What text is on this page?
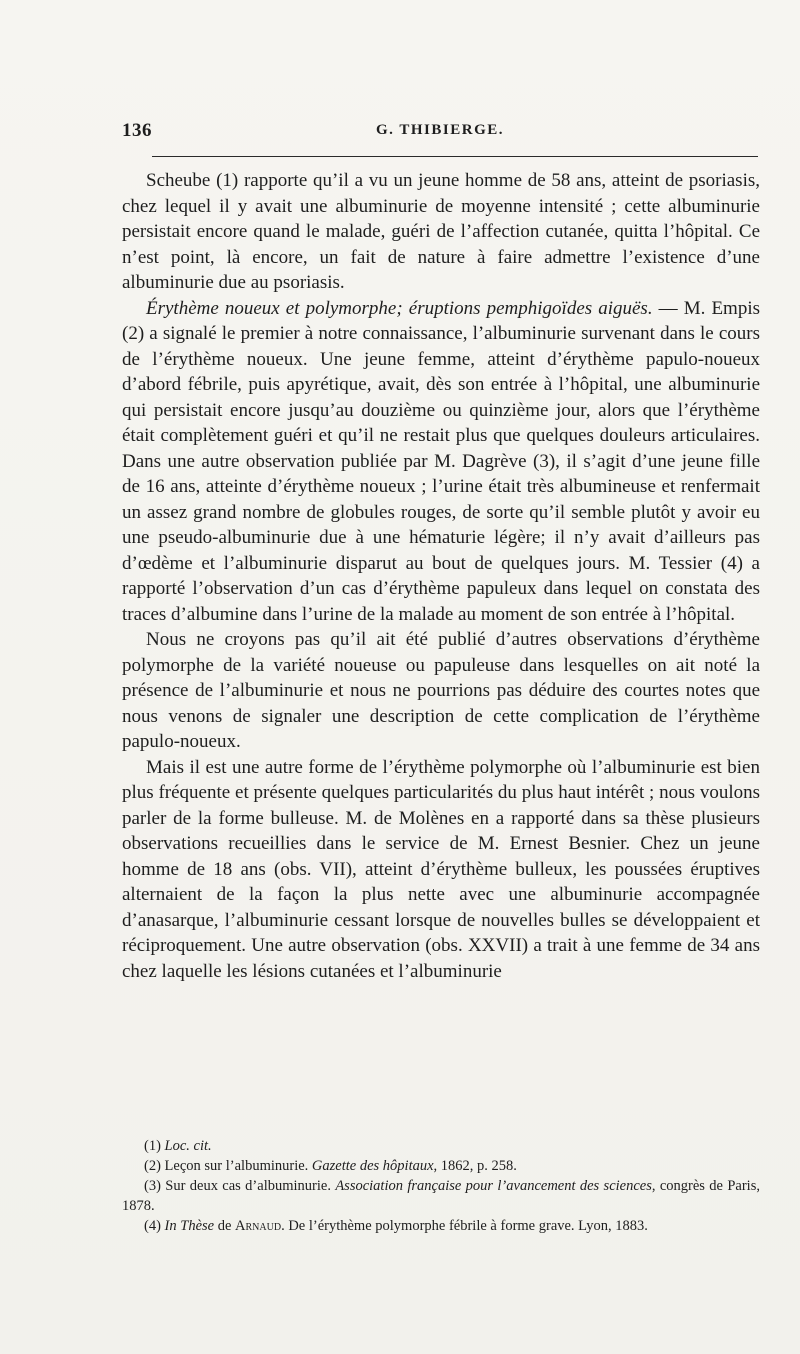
136	G. THIBIERGE.

Scheube (1) rapporte qu’il a vu un jeune homme de 58 ans, atteint de psoriasis, chez lequel il y avait une albuminurie de moyenne intensité ; cette albuminurie persistait encore quand le malade, guéri de l’affection cutanée, quitta l’hôpital. Ce n’est point, là encore, un fait de nature à faire admettre l’existence d’une albuminurie due au psoriasis.

Érythème noueux et polymorphe; éruptions pemphigoïdes aiguës. — M. Empis (2) a signalé le premier à notre connaissance, l’albuminurie survenant dans le cours de l’érythème noueux. Une jeune femme, atteint d’érythème papulo-noueux d’abord fébrile, puis apyrétique, avait, dès son entrée à l’hôpital, une albuminurie qui persistait encore jusqu’au douzième ou quinzième jour, alors que l’érythème était complètement guéri et qu’il ne restait plus que quelques douleurs articulaires. Dans une autre observation publiée par M. Dagrève (3), il s’agit d’une jeune fille de 16 ans, atteinte d’érythème noueux ; l’urine était très albumineuse et renfermait un assez grand nombre de globules rouges, de sorte qu’il semble plutôt y avoir eu une pseudo-albuminurie due à une hématurie légère; il n’y avait d’ailleurs pas d’œdème et l’albuminurie disparut au bout de quelques jours. M. Tessier (4) a rapporté l’observation d’un cas d’érythème papuleux dans lequel on constata des traces d’albumine dans l’urine de la malade au moment de son entrée à l’hôpital.

Nous ne croyons pas qu’il ait été publié d’autres observations d’érythème polymorphe de la variété noueuse ou papuleuse dans lesquelles on ait noté la présence de l’albuminurie et nous ne pourrions pas déduire des courtes notes que nous venons de signaler une description de cette complication de l’érythème papulo-noueux.

Mais il est une autre forme de l’érythème polymorphe où l’albuminurie est bien plus fréquente et présente quelques particularités du plus haut intérêt ; nous voulons parler de la forme bulleuse. M. de Molènes en a rapporté dans sa thèse plusieurs observations recueillies dans le service de M. Ernest Besnier. Chez un jeune homme de 18 ans (obs. VII), atteint d’érythème bulleux, les poussées éruptives alternaient de la façon la plus nette avec une albuminurie accompagnée d’anasarque, l’albuminurie cessant lorsque de nouvelles bulles se développaient et réciproquement. Une autre observation (obs. XXVII) a trait à une femme de 34 ans chez laquelle les lésions cutanées et l’albuminurie

(1) Loc. cit.

(2) Leçon sur l’albuminurie. Gazette des hôpitaux, 1862, p. 258.

(3) Sur deux cas d’albuminurie. Association française pour l’avancement des sciences, congrès de Paris, 1878.

(4) In Thèse de Arnaud. De l’érythème polymorphe fébrile à forme grave. Lyon, 1883.
